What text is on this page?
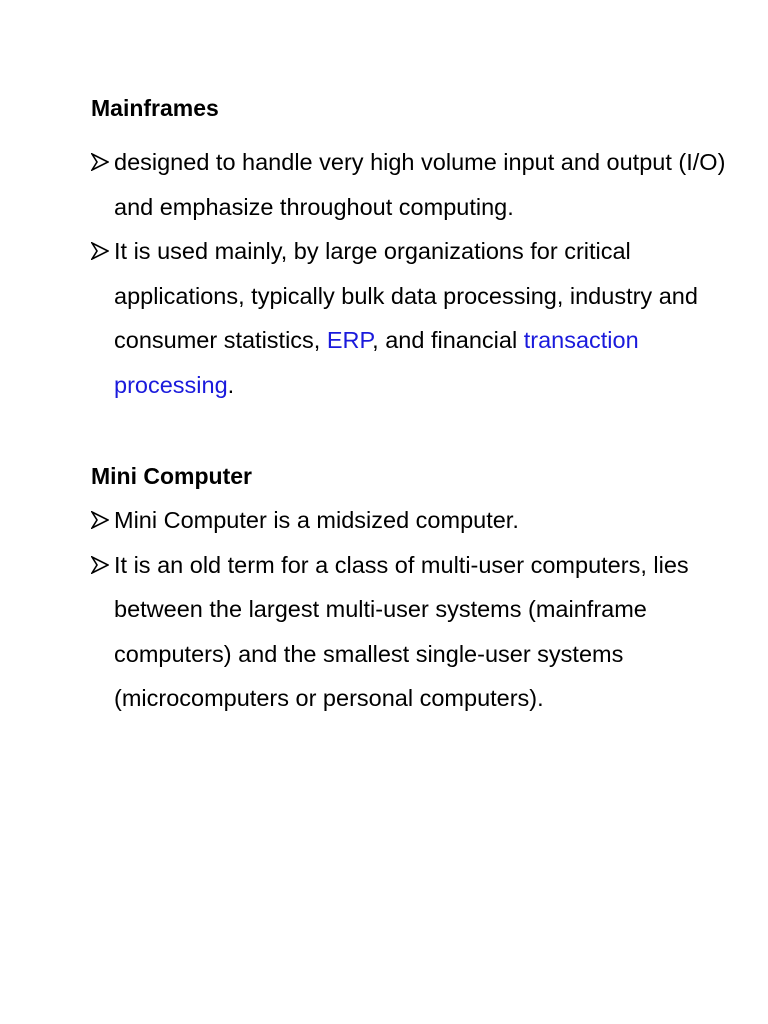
Mainframes
designed to handle very high volume input and output (I/O) and emphasize throughout computing.
It is used mainly, by large organizations for critical applications, typically bulk data processing, industry and consumer statistics, ERP, and financial transaction processing.
Mini Computer
Mini Computer is a midsized computer.
It is an old term for a class of multi-user computers, lies between the largest multi-user systems (mainframe computers) and the smallest single-user systems (microcomputers or personal computers).
